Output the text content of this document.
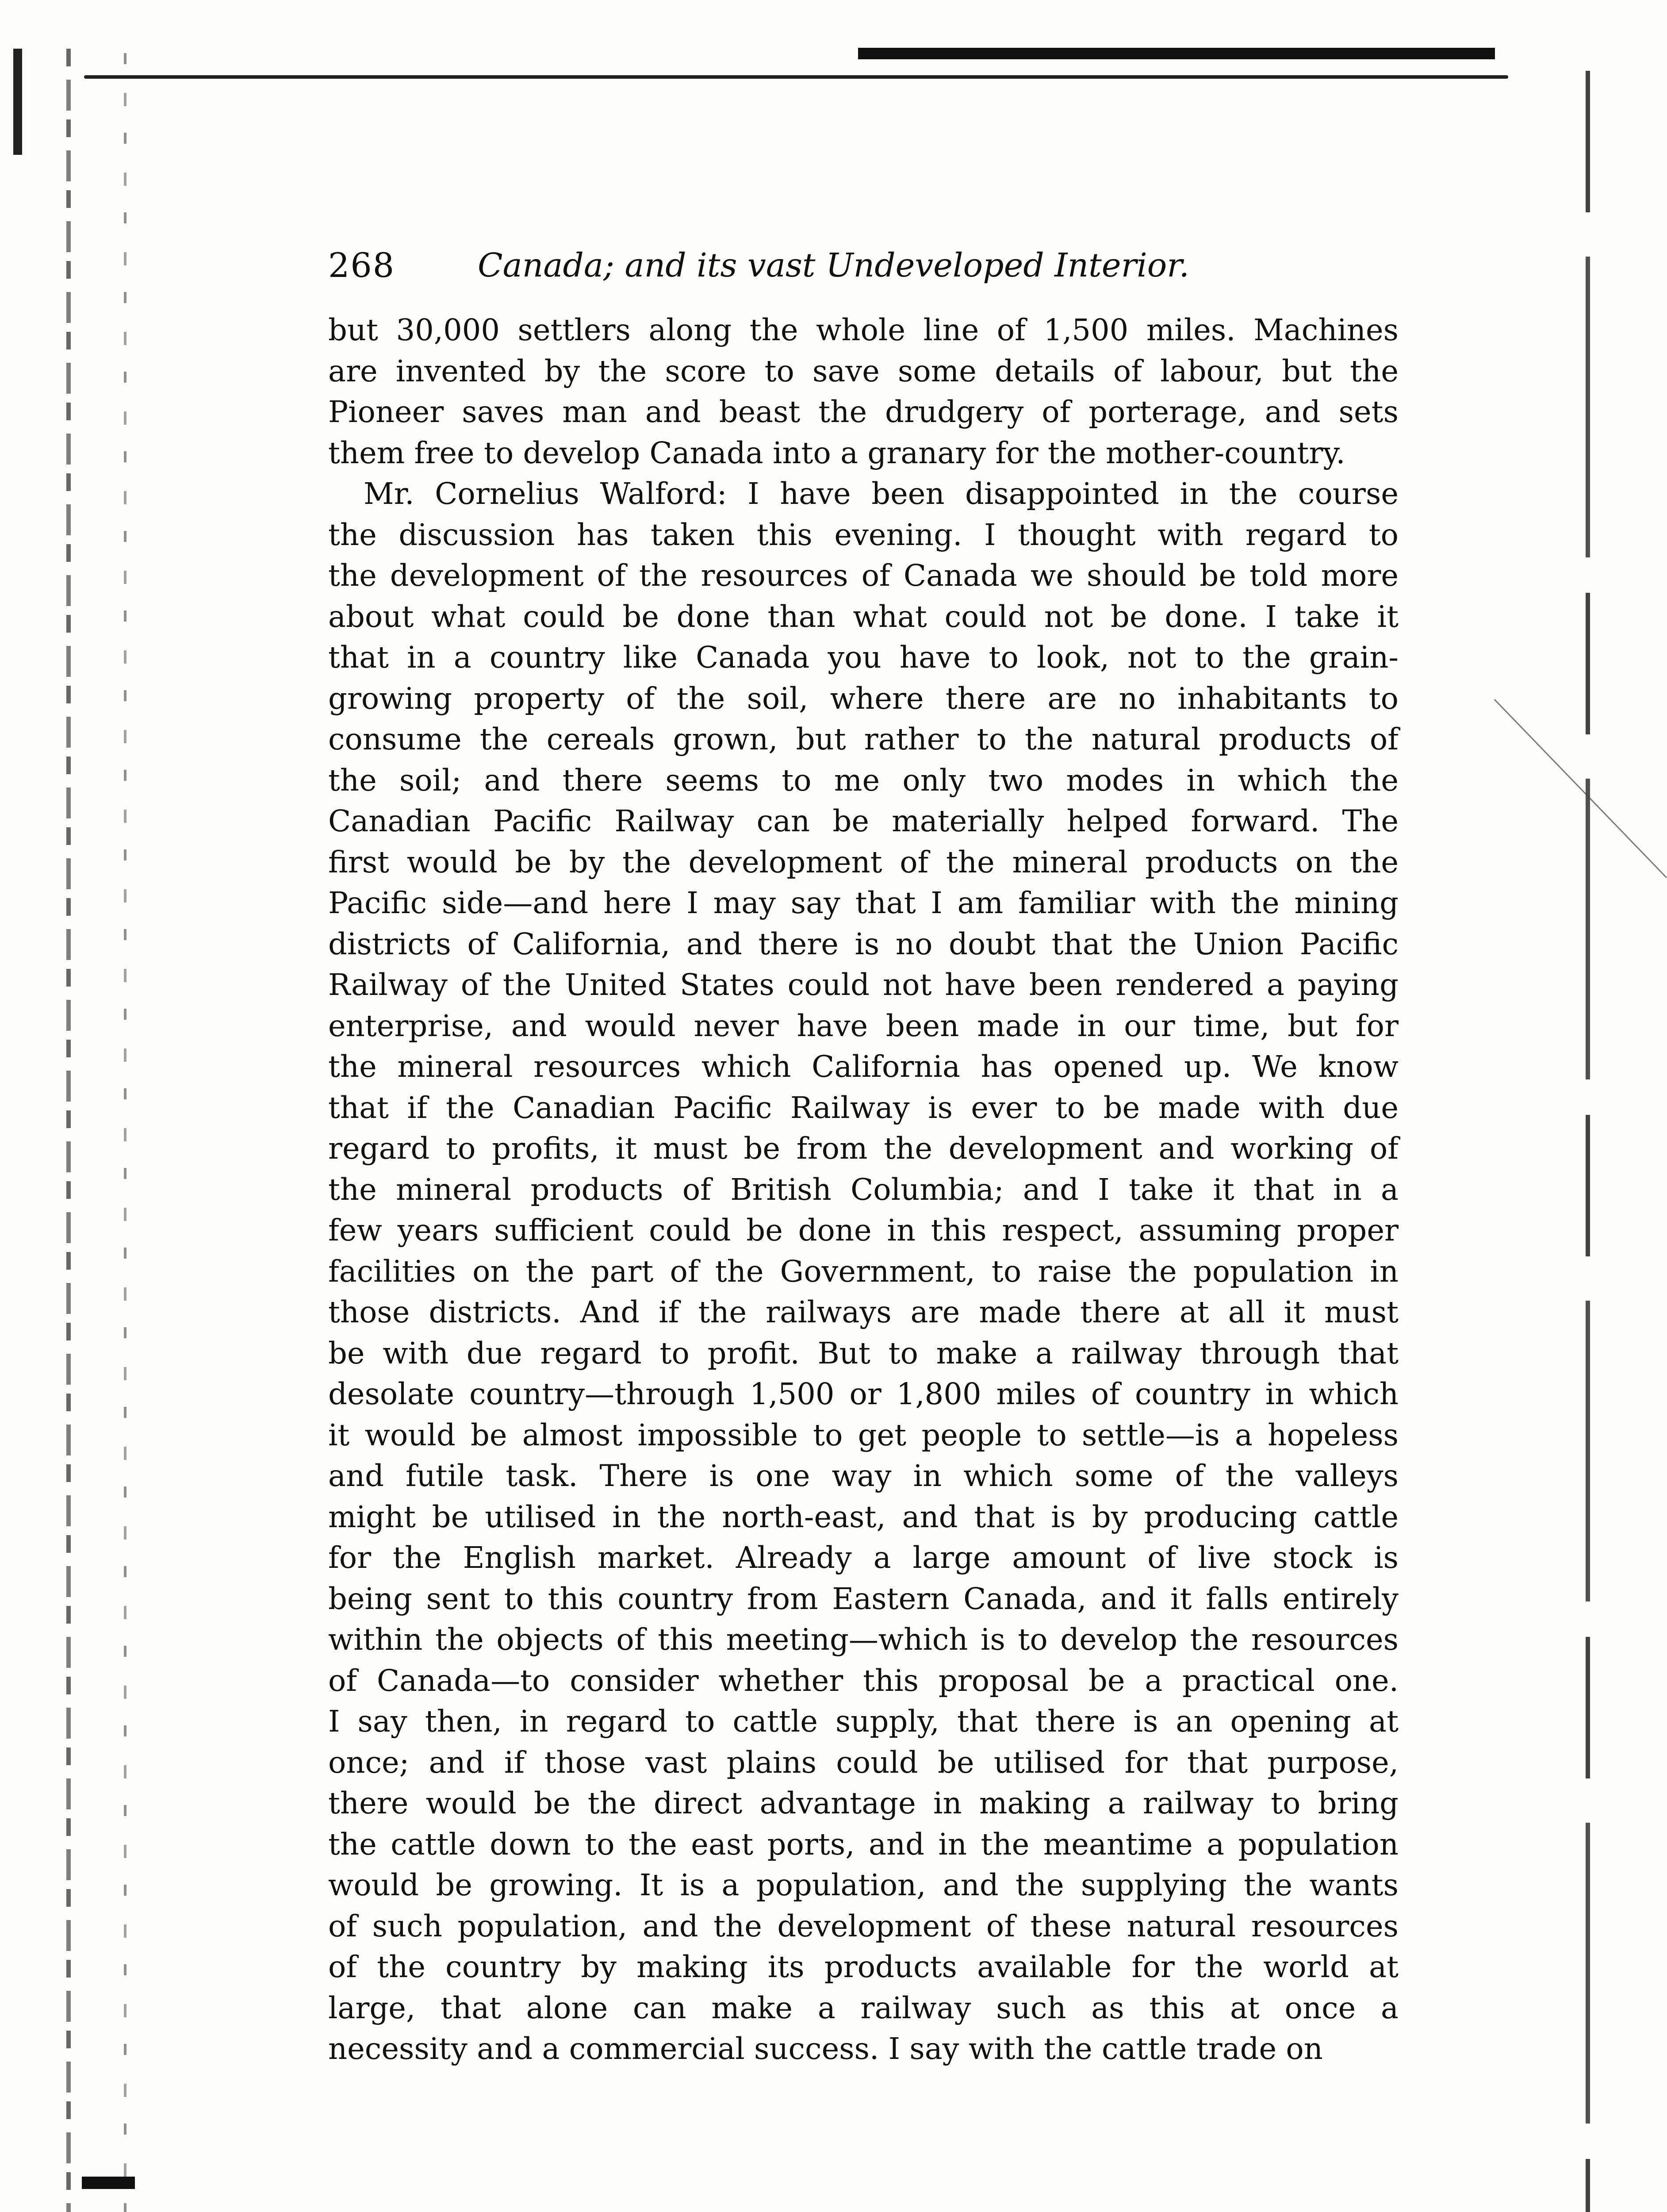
268	Canada; and its vast Undeveloped Interior.
but 30,000 settlers along the whole line of 1,500 miles. Machines
are invented by the score to save some details of labour, but the
Pioneer saves man and beast the drudgery of porterage, and sets
them free to develop Canada into a granary for the mother-country.
Mr. Cornelius Walford: I have been disappointed in the course
the discussion has taken this evening. I thought with regard to
the development of the resources of Canada we should be told more
about what could be done than what could not be done. I take it
that in a country like Canada you have to look, not to the grain-
growing property of the soil, where there are no inhabitants to
consume the cereals grown, but rather to the natural products of
the soil; and there seems to me only two modes in which the
Canadian Pacific Railway can be materially helped forward. The
first would be by the development of the mineral products on the
Pacific side—and here I may say that I am familiar with the mining
districts of California, and there is no doubt that the Union Pacific
Railway of the United States could not have been rendered a paying
enterprise, and would never have been made in our time, but for
the mineral resources which California has opened up. We know
that if the Canadian Pacific Railway is ever to be made with due
regard to profits, it must be from the development and working of
the mineral products of British Columbia; and I take it that in a
few years sufficient could be done in this respect, assuming proper
facilities on the part of the Government, to raise the population in
those districts. And if the railways are made there at all it must
be with due regard to profit. But to make a railway through that
desolate country—through 1,500 or 1,800 miles of country in which
it would be almost impossible to get people to settle—is a hopeless
and futile task. There is one way in which some of the valleys
might be utilised in the north-east, and that is by producing cattle
for the English market. Already a large amount of live stock is
being sent to this country from Eastern Canada, and it falls entirely
within the objects of this meeting—which is to develop the resources
of Canada—to consider whether this proposal be a practical one.
I say then, in regard to cattle supply, that there is an opening at
once; and if those vast plains could be utilised for that purpose,
there would be the direct advantage in making a railway to bring
the cattle down to the east ports, and in the meantime a population
would be growing. It is a population, and the supplying the wants
of such population, and the development of these natural resources
of the country by making its products available for the world at
large, that alone can make a railway such as this at once a
necessity and a commercial success. I say with the cattle trade on
